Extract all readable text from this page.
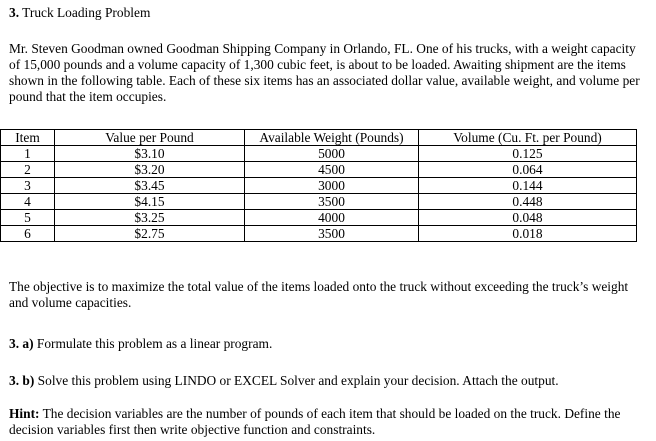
3. Truck Loading Problem

Mr. Steven Goodman owned Goodman Shipping Company in Orlando, FL. One of his trucks, with a weight capacity of 15,000 pounds and a volume capacity of 1,300 cubic feet, is about to be loaded. Awaiting shipment are the items shown in the following table. Each of these six items has an associated dollar value, available weight, and volume per pound that the item occupies.

Item	Value per Pound	Available Weight (Pounds)	Volume (Cu. Ft. per Pound)
1	$3.10	5000	0.125
2	$3.20	4500	0.064
3	$3.45	3000	0.144
4	$4.15	3500	0.448
5	$3.25	4000	0.048
6	$2.75	3500	0.018

The objective is to maximize the total value of the items loaded onto the truck without exceeding the truck’s weight and volume capacities.

3. a) Formulate this problem as a linear program.

3. b) Solve this problem using LINDO or EXCEL Solver and explain your decision. Attach the output.

Hint: The decision variables are the number of pounds of each item that should be loaded on the truck. Define the decision variables first then write objective function and constraints.
